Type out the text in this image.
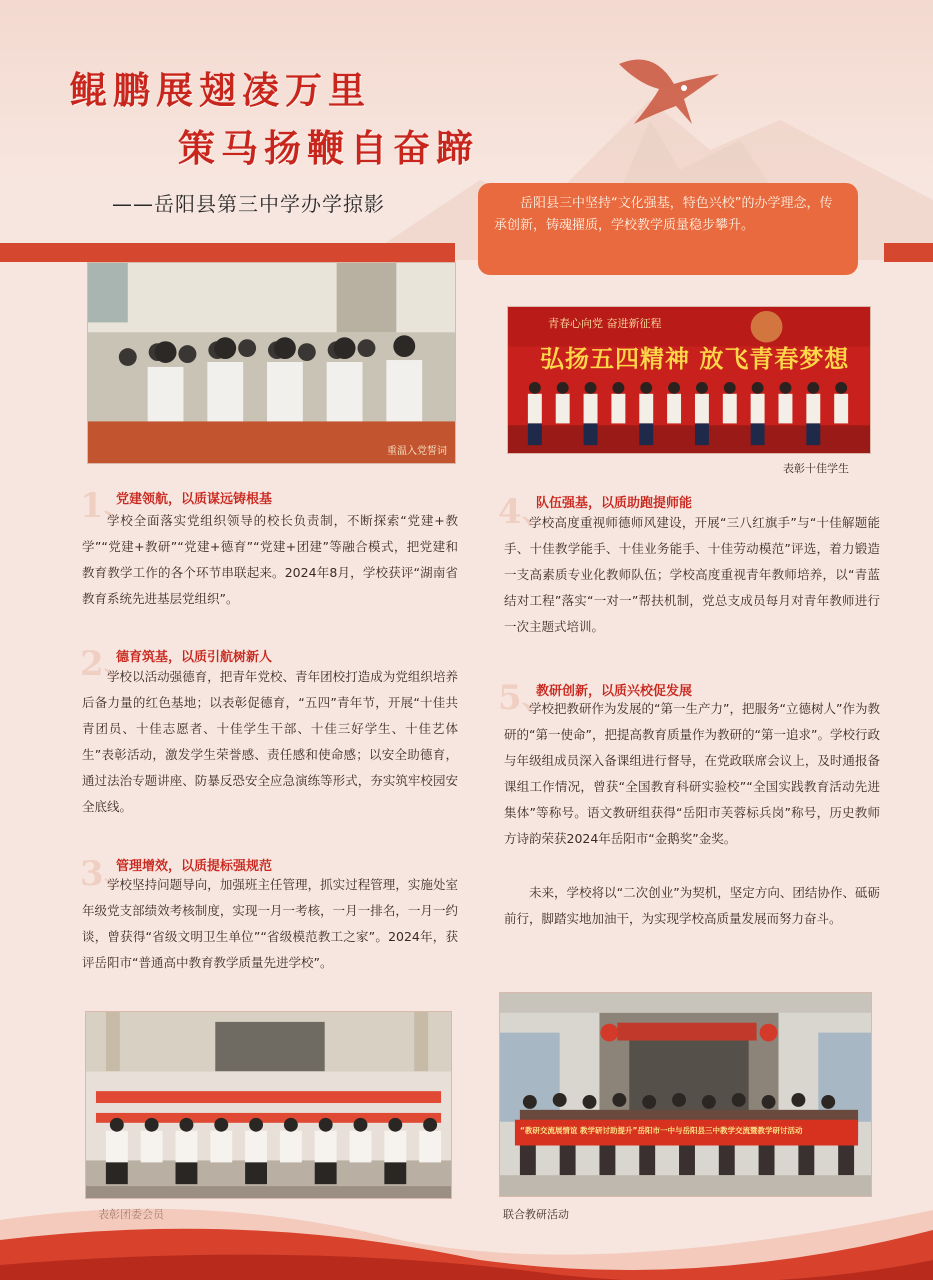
鲲鹏展翅凌万里
策马扬鞭自奋蹄
——岳阳县第三中学办学掠影	岳阳县三中坚持“文化强基，特色兴校”的办学理念，传承创新，铸魂擢质，学校教学质量稳步攀升。
重温入党誓词
青春心向党 奋进新征程
弘扬五四精神 放飞青春梦想
表彰十佳学生
1、
党建领航，以质谋远铸根基
学校全面落实党组织领导的校长负责制，不断探索“党建+教学”“党建+教研”“党建+德育”“党建+团建”等融合模式，把党建和教育教学工作的各个环节串联起来。2024年8月，学校获评“湖南省教育系统先进基层党组织”。
2、
德育筑基，以质引航树新人
学校以活动强德育，把青年党校、青年团校打造成为党组织培养后备力量的红色基地；以表彰促德育，“五四”青年节，开展“十佳共青团员、十佳志愿者、十佳学生干部、十佳三好学生、十佳艺体生”表彰活动，激发学生荣誉感、责任感和使命感；以安全助德育，通过法治专题讲座、防暴反恐安全应急演练等形式，夯实筑牢校园安全底线。
3、
管理增效，以质提标强规范
学校坚持问题导向，加强班主任管理，抓实过程管理，实施处室年级党支部绩效考核制度，实现一月一考核，一月一排名，一月一约谈，曾获得“省级文明卫生单位”“省级模范教工之家”。2024年，获评岳阳市“普通高中教育教学质量先进学校”。
4、
队伍强基，以质助跑提师能
学校高度重视师德师风建设，开展“三八红旗手”与“十佳解题能手、十佳教学能手、十佳业务能手、十佳劳动模范”评选，着力锻造一支高素质专业化教师队伍；学校高度重视青年教师培养，以“青蓝结对工程”落实“一对一”帮扶机制，党总支成员每月对青年教师进行一次主题式培训。
5、
教研创新，以质兴校促发展
学校把教研作为发展的“第一生产力”，把服务“立德树人”作为教研的“第一使命”，把提高教育质量作为教研的“第一追求”。学校行政与年级组成员深入备课组进行督导，在党政联席会议上，及时通报备课组工作情况，曾获“全国教育科研实验校”“全国实践教育活动先进集体”等称号。语文教研组获得“岳阳市芙蓉标兵岗”称号，历史教师方诗韵荣获2024年岳阳市“金鹅奖”金奖。
未来，学校将以“二次创业”为契机，坚定方向、团结协作、砥砺前行，脚踏实地加油干，为实现学校高质量发展而努力奋斗。
“教研交流展情谊 教学研讨助提升”岳阳市一中与岳阳县三中教学交流暨教学研讨活动
联合教研活动
